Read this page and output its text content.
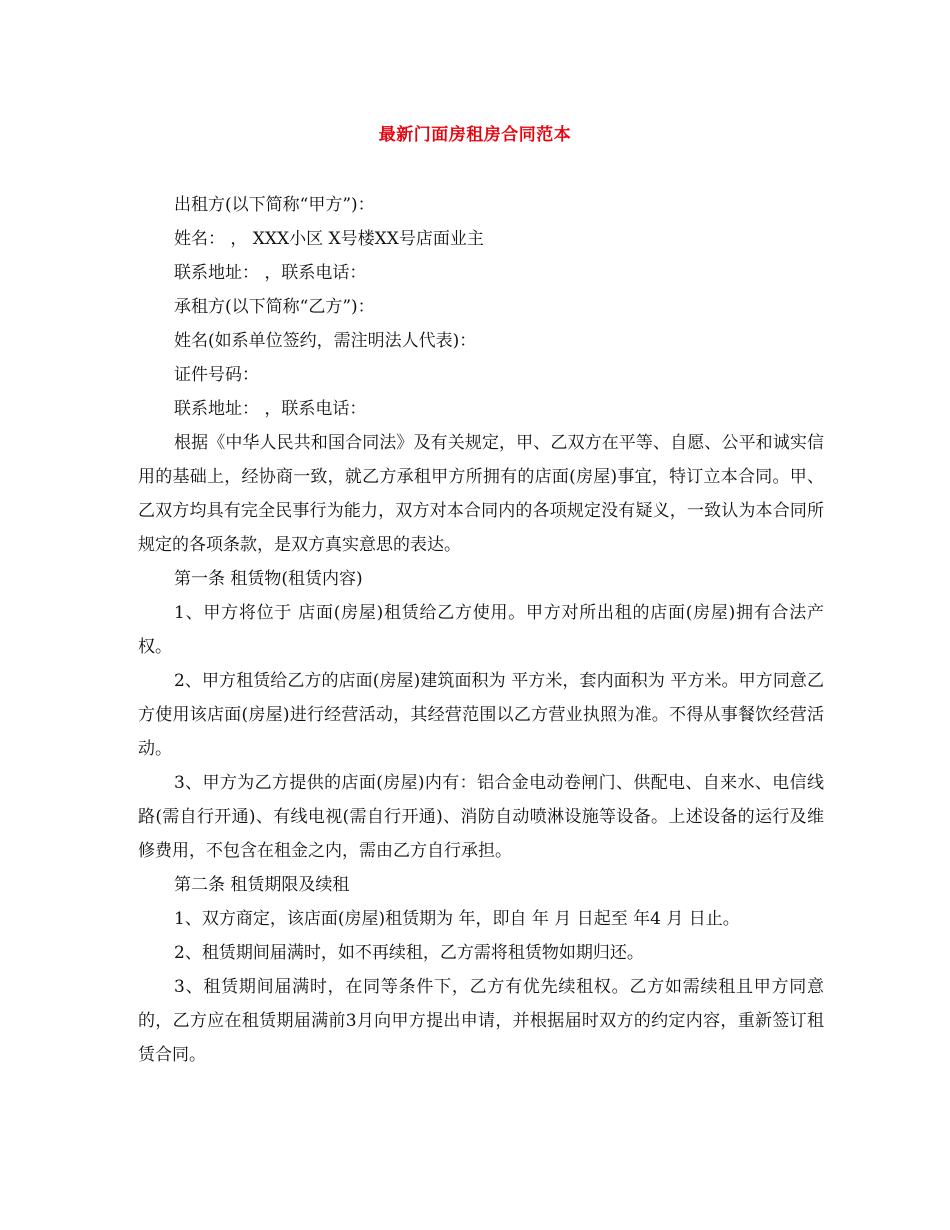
最新门面房租房合同范本

出租方(以下简称“甲方”)：

姓名： ， XXX小区 X号楼XX号店面业主

联系地址： ，联系电话：

承租方(以下简称“乙方”)：

姓名(如系单位签约，需注明法人代表)：

证件号码：

联系地址： ，联系电话：

根据《中华人民共和国合同法》及有关规定，甲、乙双方在平等、自愿、公平和诚实信用的基础上，经协商一致，就乙方承租甲方所拥有的店面(房屋)事宜，特订立本合同。甲、乙双方均具有完全民事行为能力，双方对本合同内的各项规定没有疑义，一致认为本合同所规定的各项条款，是双方真实意思的表达。

第一条 租赁物(租赁内容)

1、甲方将位于 店面(房屋)租赁给乙方使用。甲方对所出租的店面(房屋)拥有合法产权。

2、甲方租赁给乙方的店面(房屋)建筑面积为 平方米，套内面积为 平方米。甲方同意乙方使用该店面(房屋)进行经营活动，其经营范围以乙方营业执照为准。不得从事餐饮经营活动。

3、甲方为乙方提供的店面(房屋)内有：铝合金电动卷闸门、供配电、自来水、电信线路(需自行开通)、有线电视(需自行开通)、消防自动喷淋设施等设备。上述设备的运行及维修费用，不包含在租金之内，需由乙方自行承担。

第二条 租赁期限及续租

1、双方商定，该店面(房屋)租赁期为 年，即自 年 月 日起至 年4 月 日止。

2、租赁期间届满时，如不再续租，乙方需将租赁物如期归还。

3、租赁期间届满时，在同等条件下，乙方有优先续租权。乙方如需续租且甲方同意的，乙方应在租赁期届满前3月向甲方提出申请，并根据届时双方的约定内容，重新签订租赁合同。
